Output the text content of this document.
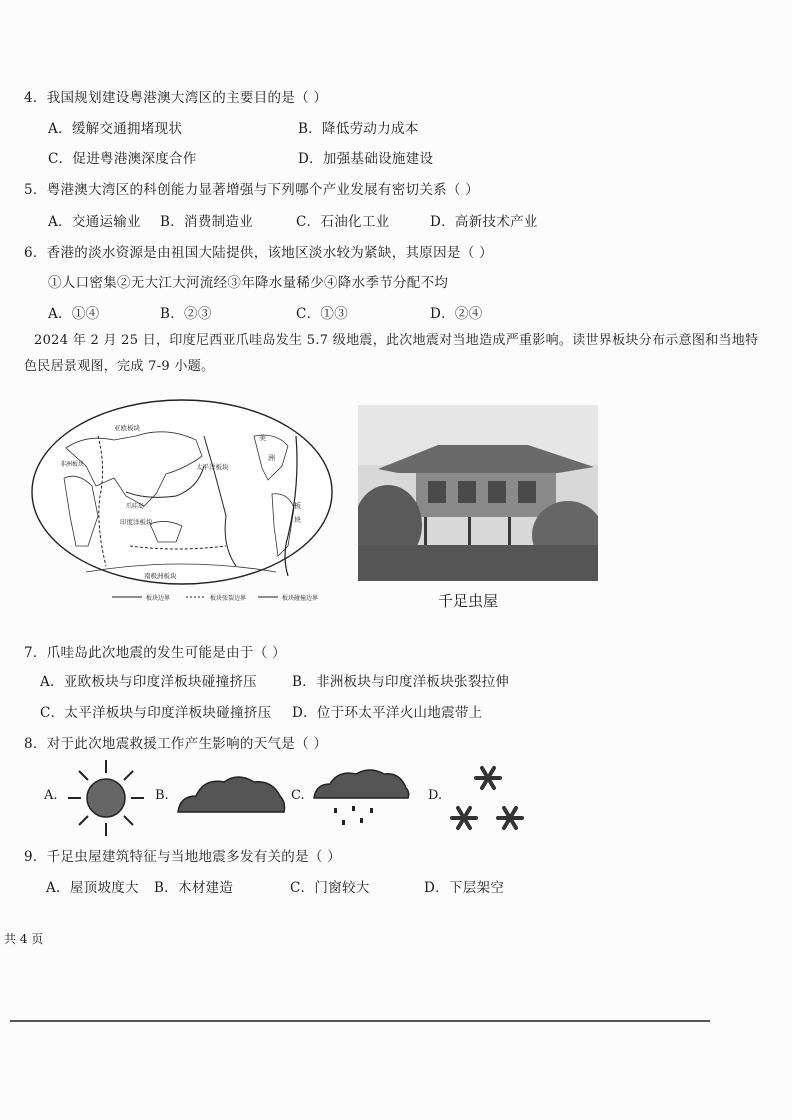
4．我国规划建设粤港澳大湾区的主要目的是（ ）
A．缓解交通拥堵现状	B．降低劳动力成本
C．促进粤港澳深度合作	D．加强基础设施建设
5．粤港澳大湾区的科创能力显著增强与下列哪个产业发展有密切关系（ ）
A．交通运输业 B．消费制造业	C．石油化工业	D．高新技术产业
6．香港的淡水资源是由祖国大陆提供，该地区淡水较为紧缺，其原因是（ ）
①人口密集②无大江大河流经③年降水量稀少④降水季节分配不均
A．①④	B．②③	C．①③	D．②④
2024 年 2 月 25 日，印度尼西亚爪哇岛发生 5.7 级地震，此次地震对当地造成严重影响。读世界板块分布示意图和当地特色民居景观图，完成 7-9 小题。
亚欧板块
非洲板块	太平洋板块
印度洋板块
爪哇岛
南极洲板块
美
洲
板
块
板块边界	板块张裂边界	板块碰撞边界	千足虫屋
7．爪哇岛此次地震的发生可能是由于（ ）
A．亚欧板块与印度洋板块碰撞挤压	B．非洲板块与印度洋板块张裂拉伸
C．太平洋板块与印度洋板块碰撞挤压 D．位于环太平洋火山地震带上
8．对于此次地震救援工作产生影响的天气是（ ）
A.	B.	C.	D.
9．千足虫屋建筑特征与当地地震多发有关的是（ ）
A．屋顶坡度大 B．木材建造	C．门窗较大	D．下层架空
共 4 页
